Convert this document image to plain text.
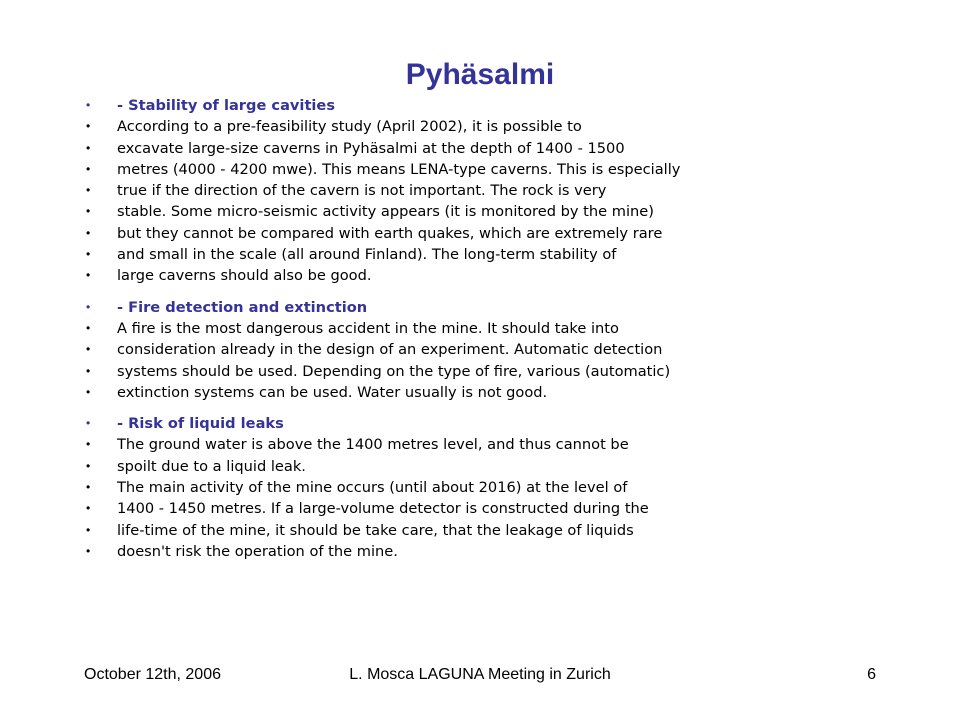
Pyhäsalmi
• - Stability of large cavities
• According to a pre-feasibility study (April 2002), it is possible to
• excavate large-size caverns in Pyhäsalmi at the depth of 1400 - 1500
• metres (4000 - 4200 mwe). This means LENA-type caverns. This is especially
• true if the direction of the cavern is not important. The rock is very
• stable. Some micro-seismic activity appears (it is monitored by the mine)
• but they cannot be compared with earth quakes, which are extremely rare
• and small in the scale (all around Finland). The long-term stability of
• large caverns should also be good.
• - Fire detection and extinction
• A fire is the most dangerous accident in the mine. It should take into
• consideration already in the design of an experiment. Automatic detection
• systems should be used. Depending on the type of fire, various (automatic)
• extinction systems can be used. Water usually is not good.
• - Risk of liquid leaks
• The ground water is above the 1400 metres level, and thus cannot be
• spoilt due to a liquid leak.
• The main activity of the mine occurs (until about 2016) at the level of
• 1400 - 1450 metres. If a large-volume detector is constructed during the
• life-time of the mine, it should be take care, that the leakage of liquids
• doesn't risk the operation of the mine.
October 12th, 2006	L. Mosca LAGUNA Meeting in Zurich	6
